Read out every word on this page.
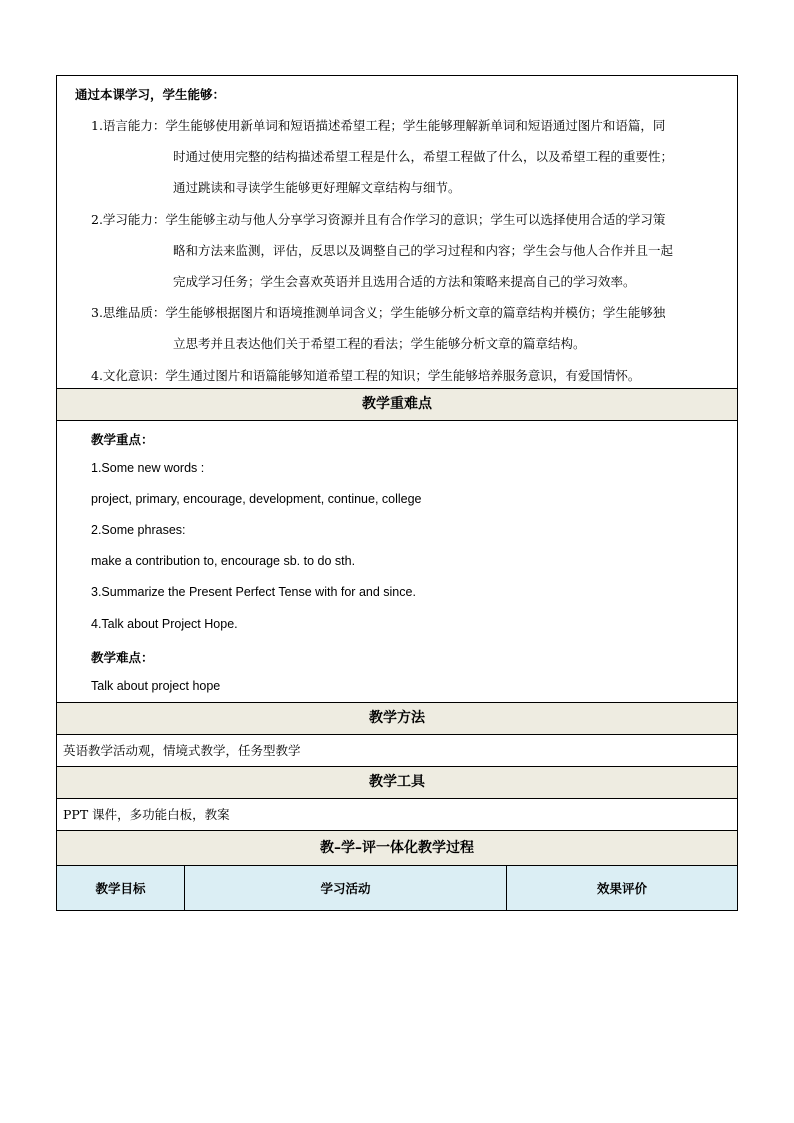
通过本课学习，学生能够：
1.语言能力：学生能够使用新单词和短语描述希望工程；学生能够理解新单词和短语通过图片和语篇，同
时通过使用完整的结构描述希望工程是什么，希望工程做了什么，以及希望工程的重要性；
通过跳读和寻读学生能够更好理解文章结构与细节。
2.学习能力：学生能够主动与他人分享学习资源并且有合作学习的意识；学生可以选择使用合适的学习策
略和方法来监测，评估，反思以及调整自己的学习过程和内容；学生会与他人合作并且一起
完成学习任务；学生会喜欢英语并且选用合适的方法和策略来提高自己的学习效率。
3.思维品质：学生能够根据图片和语境推测单词含义；学生能够分析文章的篇章结构并模仿；学生能够独
立思考并且表达他们关于希望工程的看法；学生能够分析文章的篇章结构。
4.文化意识：学生通过图片和语篇能够知道希望工程的知识；学生能够培养服务意识，有爱国情怀。
教学重难点
教学重点：
1.Some new words :
project, primary, encourage, development, continue, college
2.Some phrases:
make a contribution to, encourage sb. to do sth.
3.Summarize the Present Perfect Tense with for and since.
4.Talk about Project Hope.
教学难点：
Talk about project hope
教学方法
英语教学活动观，情境式教学，任务型教学
教学工具
PPT 课件，多功能白板，教案
教–学–评一体化教学过程
教学目标	学习活动	效果评价
